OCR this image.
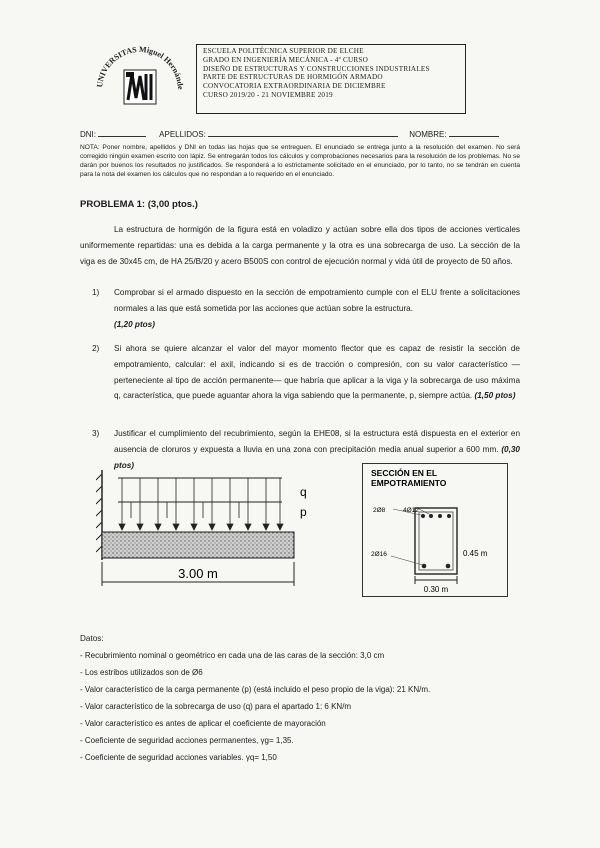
UNIVERSITAS Miguel Hernánde
ESCUELA POLITÉCNICA SUPERIOR DE ELCHE
GRADO EN INGENIERÍA MECÁNICA - 4º CURSO
DISEÑO DE ESTRUCTURAS Y CONSTRUCCIONES INDUSTRIALES
PARTE DE ESTRUCTURAS DE HORMIGÓN ARMADO
CONVOCATORIA EXTRAORDINARIA DE DICIEMBRE
CURSO 2019/20 - 21 NOVIEMBRE 2019
DNI:	APELLIDOS:	NOMBRE:
NOTA: Poner nombre, apellidos y DNI en todas las hojas que se entreguen. El enunciado se entrega junto a la resolución del examen. No será corregido ningún examen escrito con lápiz. Se entregarán todos los cálculos y comprobaciones necesarios para la resolución de los problemas. No se darán por buenos los resultados no justificados. Se responderá a lo estrictamente solicitado en el enunciado, por lo tanto, no se tendrán en cuenta para la nota del examen los cálculos que no respondan a lo requerido en el enunciado.
PROBLEMA 1: (3,00 ptos.)
La estructura de hormigón de la figura está en voladizo y actúan sobre ella dos tipos de acciones verticales uniformemente repartidas: una es debida a la carga permanente y la otra es una sobrecarga de uso. La sección de la viga es de 30x45 cm, de HA 25/B/20 y acero B500S con control de ejecución normal y vida útil de proyecto de 50 años.
1) Comprobar si el armado dispuesto en la sección de empotramiento cumple con el ELU frente a solicitaciones normales a las que está sometida por las acciones que actúan sobre la estructura.
(1,20 ptos)
2) Si ahora se quiere alcanzar el valor del mayor momento flector que es capaz de resistir la sección de empotramiento, calcular: el axil, indicando si es de tracción o compresión, con su valor característico —perteneciente al tipo de acción permanente— que habría que aplicar a la viga y la sobrecarga de uso máxima q, característica, que puede aguantar ahora la viga sabiendo que la permanente, p, siempre actúa. (1,50 ptos)
3) Justificar el cumplimiento del recubrimiento, según la EHE08, si la estructura está dispuesta en el exterior en ausencia de cloruros y expuesta a lluvia en una zona con precipitación media anual superior a 600 mm. (0,30 ptos)
3.00 m
q
p
SECCIÓN EN EL
EMPOTRAMIENTO
2Ø8	4Ø12
2Ø16	0.45 m
0.30 m
Datos:
- Recubrimiento nominal o geométrico en cada una de las caras de la sección: 3,0 cm
- Los estribos utilizados son de Ø6
- Valor característico de la carga permanente (p) (está incluido el peso propio de la viga): 21 KN/m.
- Valor característico de la sobrecarga de uso (q) para el apartado 1: 6 KN/m
- Valor característico es antes de aplicar el coeficiente de mayoración
- Coeficiente de seguridad acciones permanentes, γg= 1,35.
- Coeficiente de seguridad acciones variables. γq= 1,50
